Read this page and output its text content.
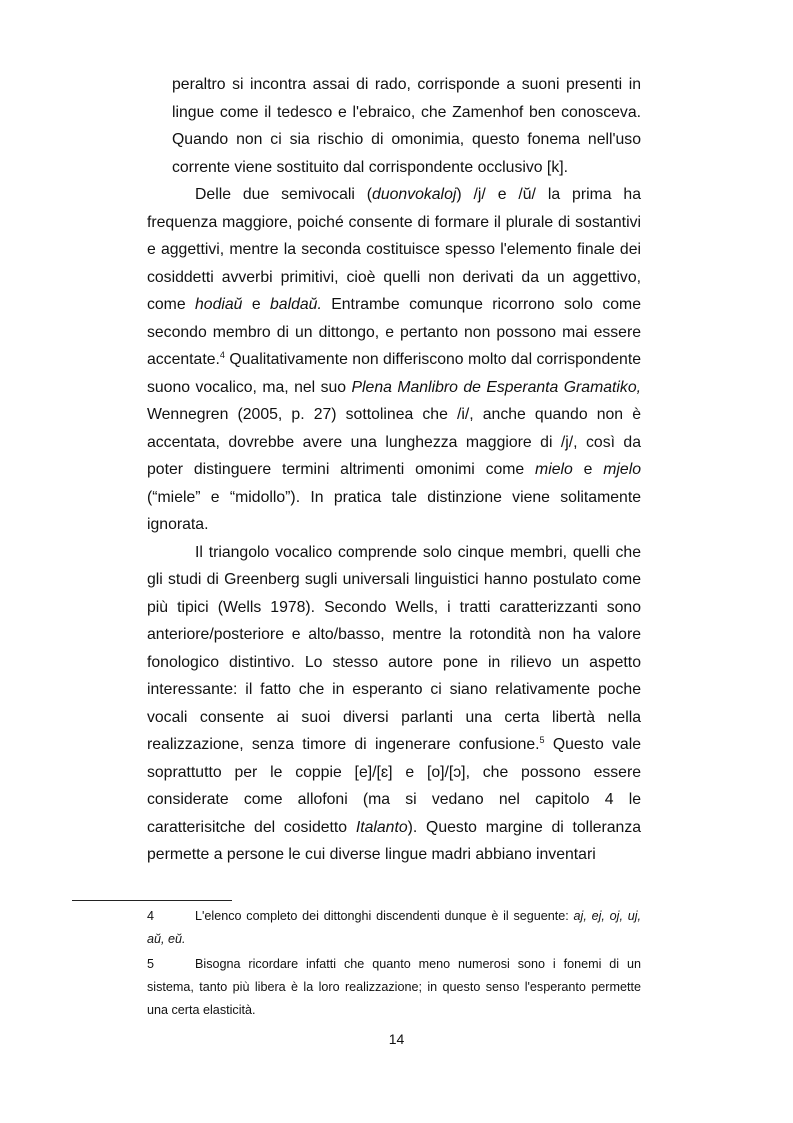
peraltro si incontra assai di rado, corrisponde a suoni presenti in lingue come il tedesco e l'ebraico, che Zamenhof ben conosceva. Quando non ci sia rischio di omonimia, questo fonema nell'uso corrente viene sostituito dal corrispondente occlusivo [k].

Delle due semivocali (duonvokaloj) /j/ e /ŭ/ la prima ha frequenza maggiore, poiché consente di formare il plurale di sostantivi e aggettivi, mentre la seconda costituisce spesso l'elemento finale dei cosiddetti avverbi primitivi, cioè quelli non derivati da un aggettivo, come hodiaŭ e baldaŭ. Entrambe comunque ricorrono solo come secondo membro di un dittongo, e pertanto non possono mai essere accentate.$^4$ Qualitativamente non differiscono molto dal corrispondente suono vocalico, ma, nel suo Plena Manlibro de Esperanta Gramatiko, Wennegren (2005, p. 27) sottolinea che /i/, anche quando non è accentata, dovrebbe avere una lunghezza maggiore di /j/, così da poter distinguere termini altrimenti omonimi come mielo e mjelo (“miele” e “midollo”). In pratica tale distinzione viene solitamente ignorata.

Il triangolo vocalico comprende solo cinque membri, quelli che gli studi di Greenberg sugli universali linguistici hanno postulato come più tipici (Wells 1978). Secondo Wells, i tratti caratterizzanti sono anteriore/posteriore e alto/basso, mentre la rotondità non ha valore fonologico distintivo. Lo stesso autore pone in rilievo un aspetto interessante: il fatto che in esperanto ci siano relativamente poche vocali consente ai suoi diversi parlanti una certa libertà nella realizzazione, senza timore di ingenerare confusione.$^5$ Questo vale soprattutto per le coppie [e]/[ɛ] e [o]/[ɔ], che possono essere considerate come allofoni (ma si vedano nel capitolo 4 le caratterisitche del cosidetto Italanto). Questo margine di tolleranza permette a persone le cui diverse lingue madri abbiano inventari

4	L'elenco completo dei dittonghi discendenti dunque è il seguente: aj, ej, oj, uj, aŭ, eŭ.

5	Bisogna ricordare infatti che quanto meno numerosi sono i fonemi di un sistema, tanto più libera è la loro realizzazione; in questo senso l'esperanto permette una certa elasticità.

14
